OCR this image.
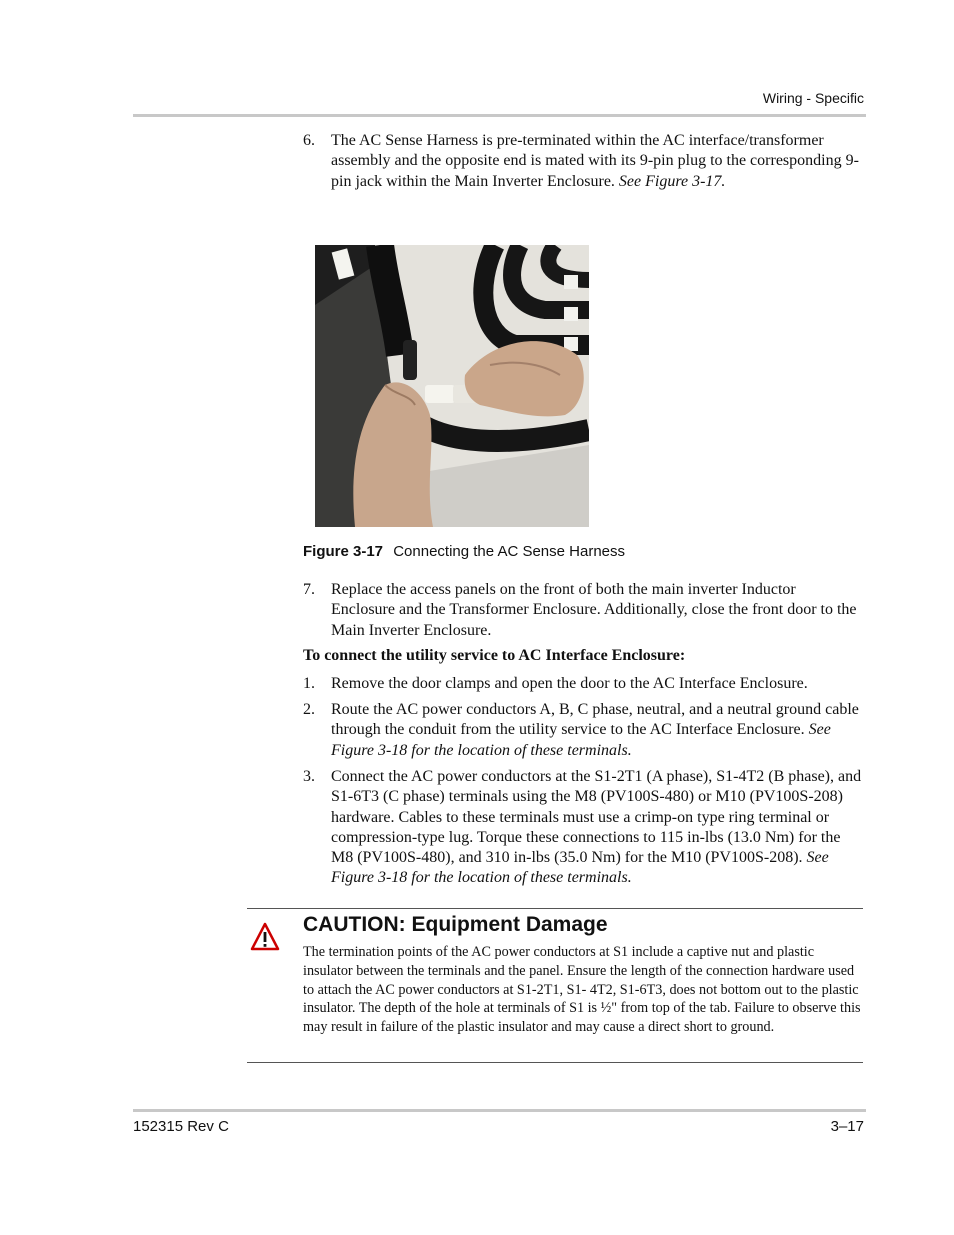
Wiring - Specific
6.	The AC Sense Harness is pre-terminated within the AC interface/transformer assembly and the opposite end is mated with its 9-pin plug to the corresponding 9-pin jack within the Main Inverter Enclosure. See Figure 3-17.
Figure 3-17 Connecting the AC Sense Harness
7.	Replace the access panels on the front of both the main inverter Inductor Enclosure and the Transformer Enclosure. Additionally, close the front door to the Main Inverter Enclosure.
To connect the utility service to AC Interface Enclosure:
1.	Remove the door clamps and open the door to the AC Interface Enclosure.
2.	Route the AC power conductors A, B, C phase, neutral, and a neutral ground cable through the conduit from the utility service to the AC Interface Enclosure. See Figure 3-18 for the location of these terminals.
3.	Connect the AC power conductors at the S1-2T1 (A phase), S1-4T2 (B phase), and S1-6T3 (C phase) terminals using the M8 (PV100S-480) or M10 (PV100S-208) hardware. Cables to these terminals must use a crimp-on type ring terminal or compression-type lug. Torque these connections to 115 in-lbs (13.0 Nm) for the M8 (PV100S-480), and 310 in-lbs (35.0 Nm) for the M10 (PV100S-208). See Figure 3-18 for the location of these terminals.
CAUTION: Equipment Damage
The termination points of the AC power conductors at S1 include a captive nut and plastic insulator between the terminals and the panel. Ensure the length of the connection hardware used to attach the AC power conductors at S1-2T1, S1- 4T2, S1-6T3, does not bottom out to the plastic insulator. The depth of the hole at terminals of S1 is ½" from top of the tab. Failure to observe this may result in failure of the plastic insulator and may cause a direct short to ground.
152315 Rev C	3–17
